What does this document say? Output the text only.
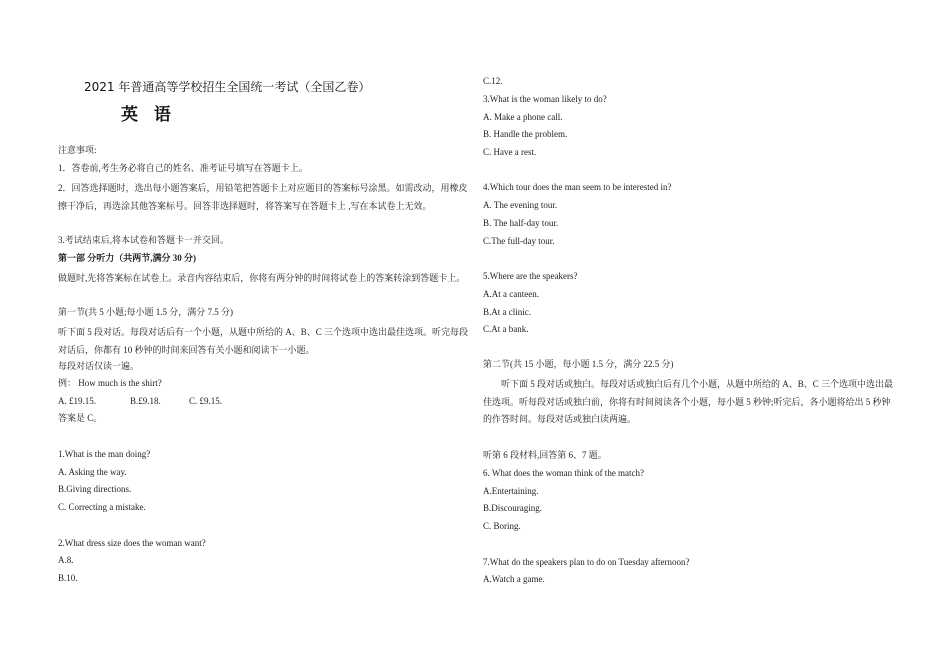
2021 年普通高等学校招生全国统一考试（全国乙卷）
英 语
注意事项:
1．答卷前,考生务必将自己的姓名、准考证号填写在答题卡上。
2．回答选择题时，选出每小题答案后，用铅笔把答题卡上对应题目的答案标号涂黑。如需改动，用橡皮擦干净后，再选涂其他答案标号。回答非选择题时，将答案写在答题卡上 ,写在本试卷上无效。
3.考试结束后,将本试卷和答题卡一并交回。
第一部 分听力（共两节,满分 30 分)
做题时,先将答案标在试卷上。录音内容结束后，你将有两分钟的时间将试卷上的答案转涂到答题卡上。
第一节(共 5 小题;每小题 1.5 分，满分 7.5 分)
听下面 5 段对话。每段对话后有一个小题，从题中所给的 A、B、C 三个选项中选出最佳选项。听完每段对话后，你都有 10 秒钟的时间来回答有关小题和阅读下一小题。
每段对话仅读一遍。
例： How much is the shirt?
A. £19.15.	B.£9.18.	C. £9.15.
答案是 C。
1.What is the man doing?
A. Asking the way.
B.Giving directions.
C. Correcting a mistake.
2.What dress size does the woman want?
A.8.
B.10.
C.12.
3.What is the woman likely to do?
A. Make a phone call.
B. Handle the problem.
C. Have a rest.
4.Which tour does the man seem to be interested in?
A. The evening tour.
B. The half-day tour.
C.The full-day tour.
5.Where are the speakers?
A.At a canteen.
B.At a clinic.
C.At a bank.
第二节(共 15 小题，每小题 1.5 分，满分 22.5 分)
听下面 5 段对话或独白。每段对话或独白后有几个小题，从题中所给的 A、B、C 三个选项中选出最佳选项。听每段对话或独白前，你将有时间阅读各个小题，每小题 5 秒钟;听完后，各小题将给出 5 秒钟的作答时间。每段对话或独白读两遍。
听第 6 段材料,回答第 6、7 题。
6. What does the woman think of the match?
A.Entertaining.
B.Discouraging.
C. Boring.
7.What do the speakers plan to do on Tuesday afternoon?
A.Watch a game.
